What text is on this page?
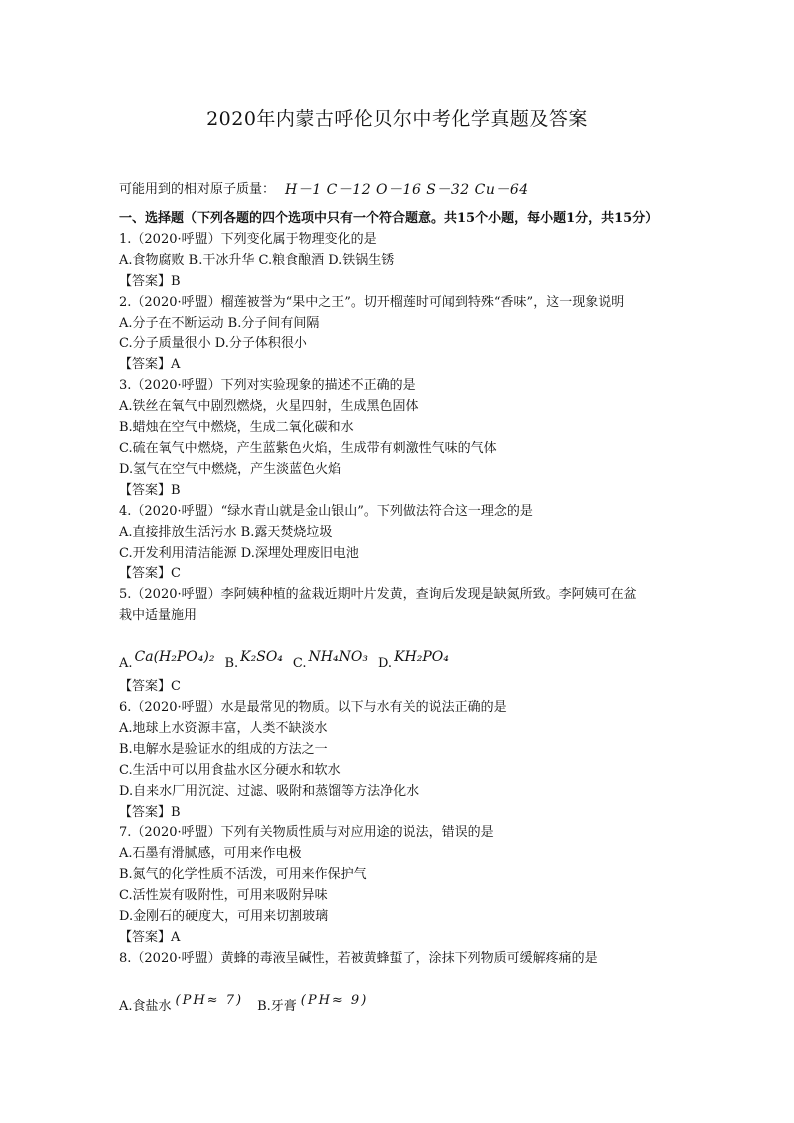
2020年内蒙古呼伦贝尔中考化学真题及答案
可能用到的相对原子质量： H－1 C－12 O－16 S－32 Cu－64
一、选择题（下列各题的四个选项中只有一个符合题意。共15个小题，每小题1分，共15分）
1.（2020·呼盟）下列变化属于物理变化的是
A.食物腐败 B.干冰升华 C.粮食酿酒 D.铁锅生锈
【答案】B
2.（2020·呼盟）榴莲被誉为“果中之王”。切开榴莲时可闻到特殊“香味”，这一现象说明
A.分子在不断运动 B.分子间有间隔
C.分子质量很小 D.分子体积很小
【答案】A
3.（2020·呼盟）下列对实验现象的描述不正确的是
A.铁丝在氧气中剧烈燃烧，火星四射，生成黑色固体
B.蜡烛在空气中燃烧，生成二氧化碳和水
C.硫在氧气中燃烧，产生蓝紫色火焰，生成带有刺激性气味的气体
D.氢气在空气中燃烧，产生淡蓝色火焰
【答案】B
4.（2020·呼盟）“绿水青山就是金山银山”。下列做法符合这一理念的是
A.直接排放生活污水 B.露天焚烧垃圾
C.开发利用清洁能源 D.深埋处理废旧电池
【答案】C
5.（2020·呼盟）李阿姨种植的盆栽近期叶片发黄，查询后发现是缺氮所致。李阿姨可在盆
栽中适量施用
A. Ca(H₂PO₄)₂ B. K₂SO₄ C. NH₄NO₃ D. KH₂PO₄
【答案】C
6.（2020·呼盟）水是最常见的物质。以下与水有关的说法正确的是
A.地球上水资源丰富，人类不缺淡水
B.电解水是验证水的组成的方法之一
C.生活中可以用食盐水区分硬水和软水
D.自来水厂用沉淀、过滤、吸附和蒸馏等方法净化水
【答案】B
7.（2020·呼盟）下列有关物质性质与对应用途的说法，错误的是
A.石墨有滑腻感，可用来作电极
B.氮气的化学性质不活泼，可用来作保护气
C.活性炭有吸附性，可用来吸附异味
D.金刚石的硬度大，可用来切割玻璃
【答案】A
8.（2020·呼盟）黄蜂的毒液呈碱性，若被黄蜂蜇了，涂抹下列物质可缓解疼痛的是
A.食盐水 (PH≈ 7) B.牙膏 (PH≈ 9)
